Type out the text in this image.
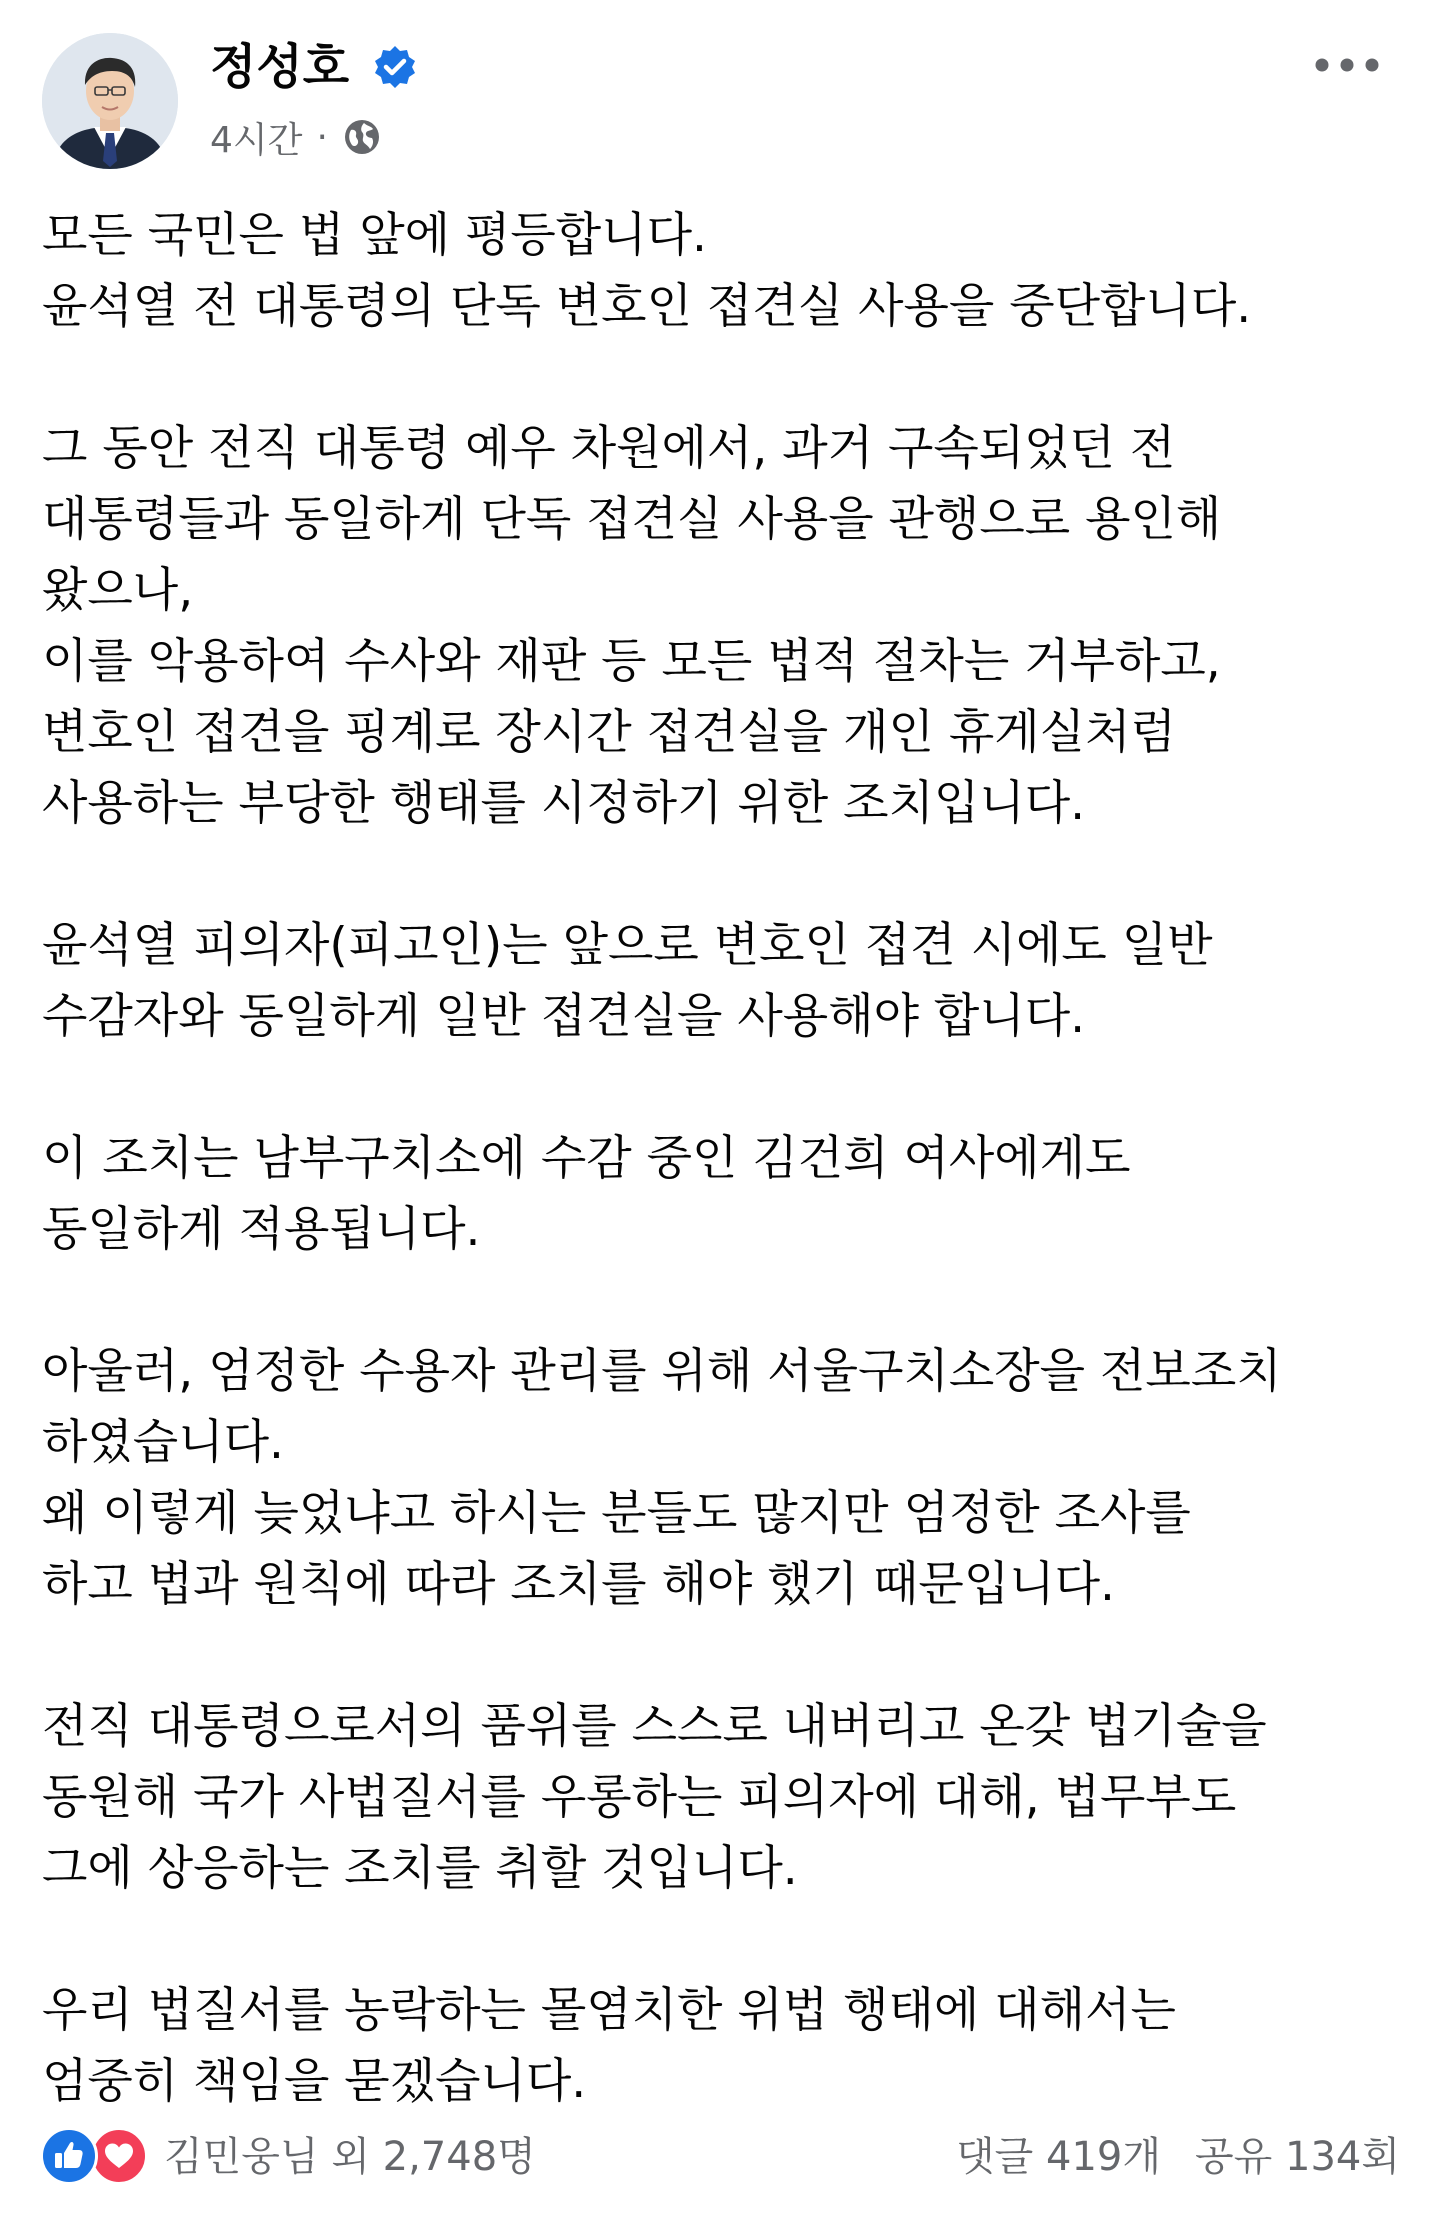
정성호
4시간 ·

모든 국민은 법 앞에 평등합니다.
윤석열 전 대통령의 단독 변호인 접견실 사용을 중단합니다.

그 동안 전직 대통령 예우 차원에서, 과거 구속되었던 전
대통령들과 동일하게 단독 접견실 사용을 관행으로 용인해
왔으나,
이를 악용하여 수사와 재판 등 모든 법적 절차는 거부하고,
변호인 접견을 핑계로 장시간 접견실을 개인 휴게실처럼
사용하는 부당한 행태를 시정하기 위한 조치입니다.

윤석열 피의자(피고인)는 앞으로 변호인 접견 시에도 일반
수감자와 동일하게 일반 접견실을 사용해야 합니다.

이 조치는 남부구치소에 수감 중인 김건희 여사에게도
동일하게 적용됩니다.

아울러, 엄정한 수용자 관리를 위해 서울구치소장을 전보조치
하였습니다.
왜 이렇게 늦었냐고 하시는 분들도 많지만 엄정한 조사를
하고 법과 원칙에 따라 조치를 해야 했기 때문입니다.

전직 대통령으로서의 품위를 스스로 내버리고 온갖 법기술을
동원해 국가 사법질서를 우롱하는 피의자에 대해, 법무부도
그에 상응하는 조치를 취할 것입니다.

우리 법질서를 농락하는 몰염치한 위법 행태에 대해서는
엄중히 책임을 묻겠습니다.

김민웅님 외 2,748명	댓글 419개 공유 134회
